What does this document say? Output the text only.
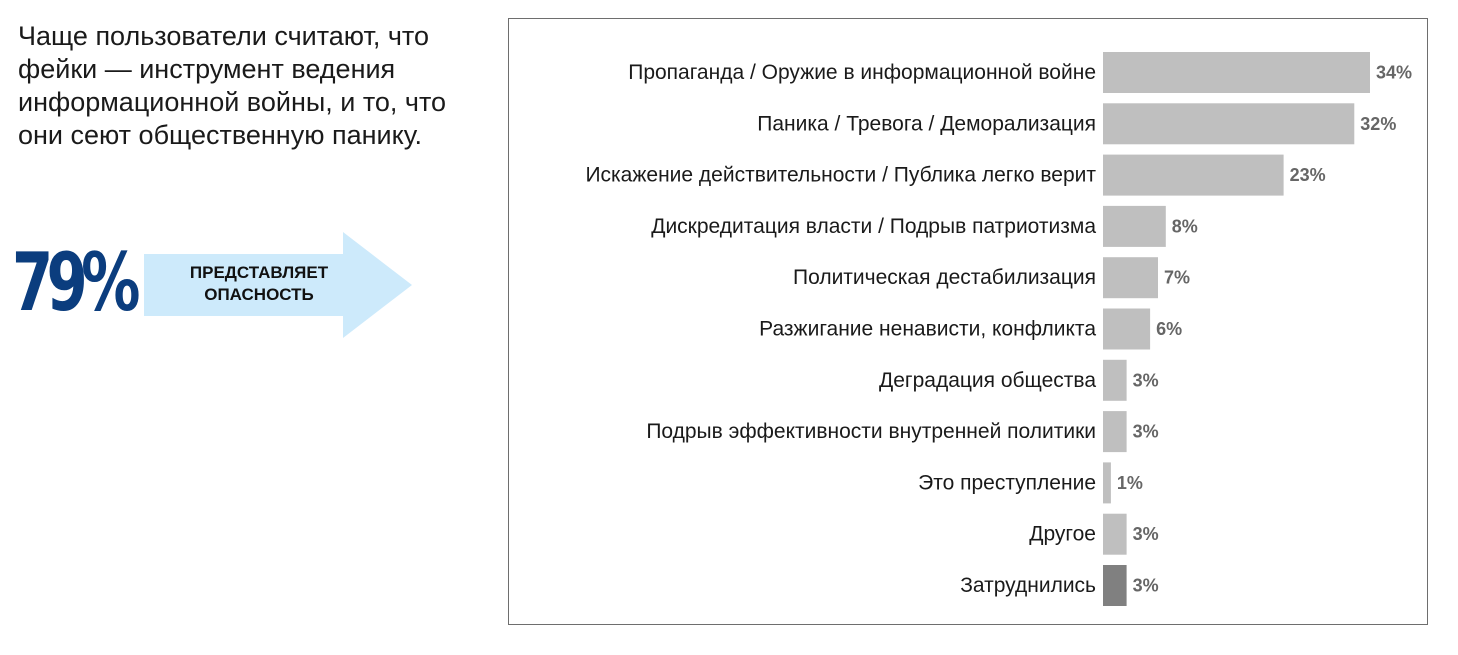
Чаще пользователи считают, что фейки — инструмент ведения информационной войны, и то, что они сеют общественную панику.

79%	ПРЕДСТАВЛЯЕТ ОПАСНОСТЬ
Пропаганда / Оружие в информационной войне	34%
Паника / Тревога / Деморализация	32%
Искажение действительности / Публика легко верит	23%
Дискредитация власти / Подрыв патриотизма	8%
Политическая дестабилизация	7%
Разжигание ненависти, конфликта	6%
Деградация общества 3%
Подрыв эффективности внутренней политики 3%
Это преступление 1%
Другое 3%
Затруднились 3%
